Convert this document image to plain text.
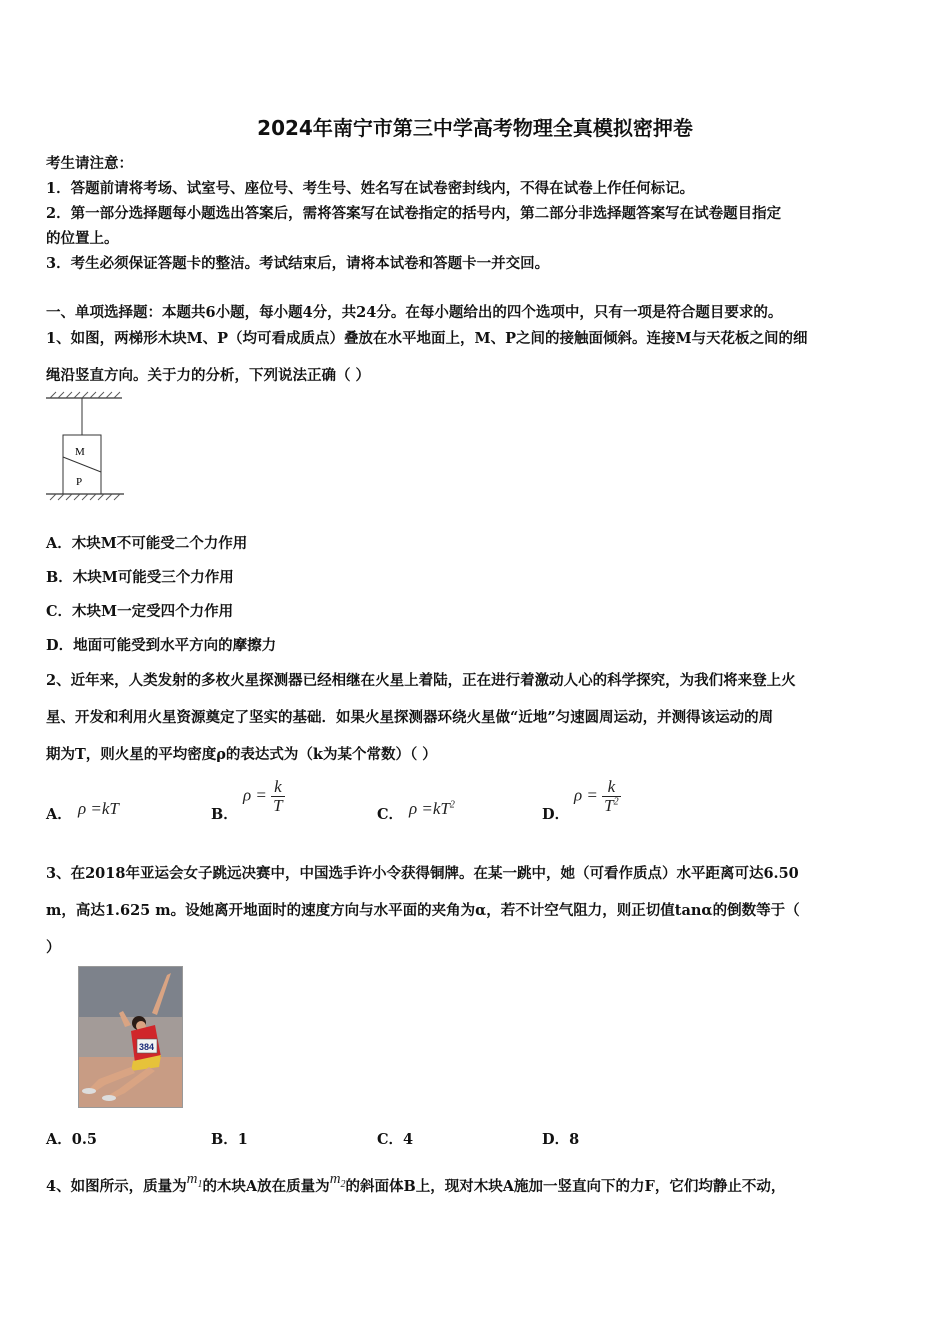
2024年南宁市第三中学高考物理全真模拟密押卷
考生请注意：
1．答题前请将考场、试室号、座位号、考生号、姓名写在试卷密封线内，不得在试卷上作任何标记。
2．第一部分选择题每小题选出答案后，需将答案写在试卷指定的括号内，第二部分非选择题答案写在试卷题目指定
的位置上。
3．考生必须保证答题卡的整洁。考试结束后，请将本试卷和答题卡一并交回。
一、单项选择题：本题共6小题，每小题4分，共24分。在每小题给出的四个选项中，只有一项是符合题目要求的。
1、如图，两梯形木块M、P（均可看成质点）叠放在水平地面上，M、P之间的接触面倾斜。连接M与天花板之间的细
绳沿竖直方向。关于力的分析，下列说法正确（ ）
M
P
A．木块M不可能受二个力作用
B．木块M可能受三个力作用
C．木块M一定受四个力作用
D．地面可能受到水平方向的摩擦力
2、近年来，人类发射的多枚火星探测器已经相继在火星上着陆，正在进行着激动人心的科学探究，为我们将来登上火
星、开发和利用火星资源奠定了坚实的基础．如果火星探测器环绕火星做“近地”匀速圆周运动，并测得该运动的周
期为T，则火星的平均密度ρ的表达式为（k为某个常数）（ ）
A． ρ =kT	B．
$\rho = \frac{k}{T}$	C． $\rho =kT^2$
D．
$\rho = \frac{k}{T^2}$
3、在2018年亚运会女子跳远决赛中，中国选手许小令获得铜牌。在某一跳中，她（可看作质点）水平距离可达6.50
m，高达1.625 m。设她离开地面时的速度方向与水平面的夹角为α，若不计空气阻力，则正切值tanα的倒数等于（
）
384
A．0.5	B．1	C．4	D．8
4、如图所示，质量为$m_1$的木块A放在质量为$m_2$的斜面体B上，现对木块A施加一竖直向下的力F，它们均静止不动，
